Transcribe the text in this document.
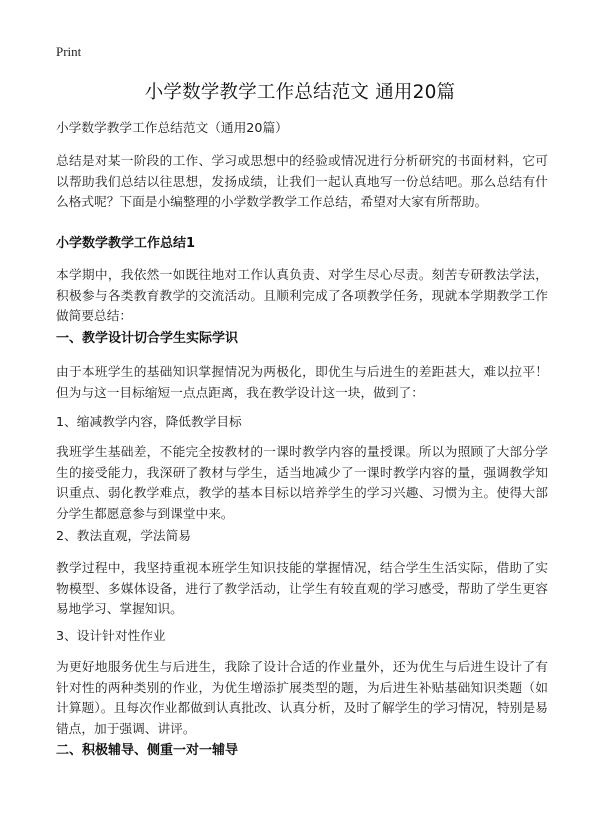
Print
小学数学教学工作总结范文 通用20篇

小学数学教学工作总结范文（通用20篇）

总结是对某一阶段的工作、学习或思想中的经验或情况进行分析研究的书面材料，它可以帮助我们总结以往思想，发扬成绩，让我们一起认真地写一份总结吧。那么总结有什么格式呢？下面是小编整理的小学数学教学工作总结，希望对大家有所帮助。

小学数学教学工作总结1

本学期中，我依然一如既往地对工作认真负责、对学生尽心尽责。刻苦专研教法学法，积极参与各类教育教学的交流活动。且顺利完成了各项教学任务，现就本学期教学工作做简要总结：

一、教学设计切合学生实际学识

由于本班学生的基础知识掌握情况为两极化，即优生与后进生的差距甚大，难以拉平！但为与这一目标缩短一点点距离，我在教学设计这一块，做到了：

1、缩减教学内容，降低教学目标

我班学生基础差，不能完全按教材的一课时教学内容的量授课。所以为照顾了大部分学生的接受能力，我深研了教材与学生，适当地减少了一课时教学内容的量，强调教学知识重点、弱化教学难点，教学的基本目标以培养学生的学习兴趣、习惯为主。使得大部分学生都愿意参与到课堂中来。

2、教法直观，学法简易

教学过程中，我坚持重视本班学生知识技能的掌握情况，结合学生生活实际，借助了实物模型、多媒体设备，进行了教学活动，让学生有较直观的学习感受，帮助了学生更容易地学习、掌握知识。

3、设计针对性作业

为更好地服务优生与后进生，我除了设计合适的作业量外，还为优生与后进生设计了有针对性的两种类别的作业，为优生增添扩展类型的题，为后进生补贴基础知识类题（如计算题）。且每次作业都做到认真批改、认真分析，及时了解学生的学习情况，特别是易错点，加于强调、讲评。

二、积极辅导、侧重一对一辅导
